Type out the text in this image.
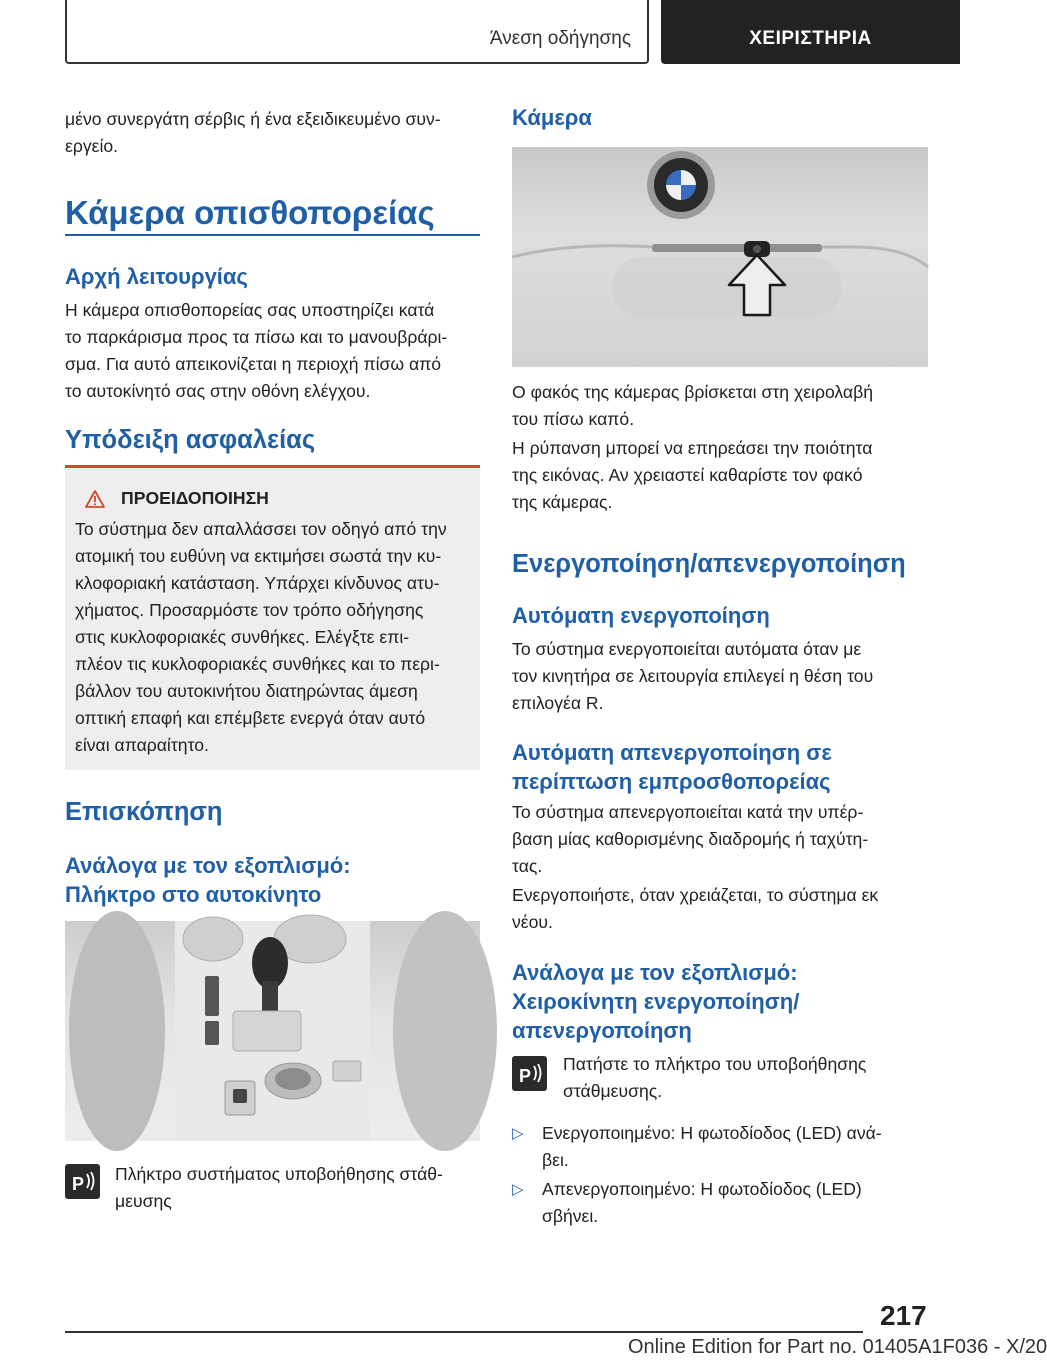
Άνεση οδήγησης	ΧΕΙΡΙΣΤΗΡΙΑ

μένο συνεργάτη σέρβις ή ένα εξειδικευμένο συν-
εργείο.

Κάμερα οπισθοπορείας
Αρχή λειτουργίας

Η κάμερα οπισθοπορείας σας υποστηρίζει κατά
το παρκάρισμα προς τα πίσω και το μανουβράρι-
σμα. Για αυτό απεικονίζεται η περιοχή πίσω από
το αυτοκίνητό σας στην οθόνη ελέγχου.

Υπόδειξη ασφαλείας
ΠΡΟΕΙΔΟΠΟΙΗΣΗ

Το σύστημα δεν απαλλάσσει τον οδηγό από την
ατομική του ευθύνη να εκτιμήσει σωστά την κυ-
κλοφοριακή κατάσταση. Υπάρχει κίνδυνος ατυ-
χήματος. Προσαρμόστε τον τρόπο οδήγησης
στις κυκλοφοριακές συνθήκες. Ελέγξτε επι-
πλέον τις κυκλοφοριακές συνθήκες και το περι-
βάλλον του αυτοκινήτου διατηρώντας άμεση
οπτική επαφή και επέμβετε ενεργά όταν αυτό
είναι απαραίτητο.

Επισκόπηση
Ανάλογα με τον εξοπλισμό:
Πλήκτρο στο αυτοκίνητο
P Πλήκτρο συστήματος υποβοήθησης στάθ-
μευσης

Κάμερα

Ο φακός της κάμερας βρίσκεται στη χειρολαβή
του πίσω καπό.

Η ρύπανση μπορεί να επηρεάσει την ποιότητα
της εικόνας. Αν χρειαστεί καθαρίστε τον φακό
της κάμερας.

Ενεργοποίηση/απενεργοποίηση
Αυτόματη ενεργοποίηση

Το σύστημα ενεργοποιείται αυτόματα όταν με
τον κινητήρα σε λειτουργία επιλεγεί η θέση του
επιλογέα R.

Αυτόματη απενεργοποίηση σε
περίπτωση εμπροσθοπορείας

Το σύστημα απενεργοποιείται κατά την υπέρ-
βαση μίας καθορισμένης διαδρομής ή ταχύτη-
τας.

Ενεργοποιήστε, όταν χρειάζεται, το σύστημα εκ
νέου.

Ανάλογα με τον εξοπλισμό:
Χειροκίνητη ενεργοποίηση/
απενεργοποίηση
P

Πατήστε το πλήκτρο του υποβοήθησης
στάθμευσης.

▷ Ενεργοποιημένο: Η φωτοδίοδος (LED) ανά-
βει.
▷ Απενεργοποιημένο: Η φωτοδίοδος (LED)
σβήνει.
217
Online Edition for Part no. 01405A1F036 - X/20
